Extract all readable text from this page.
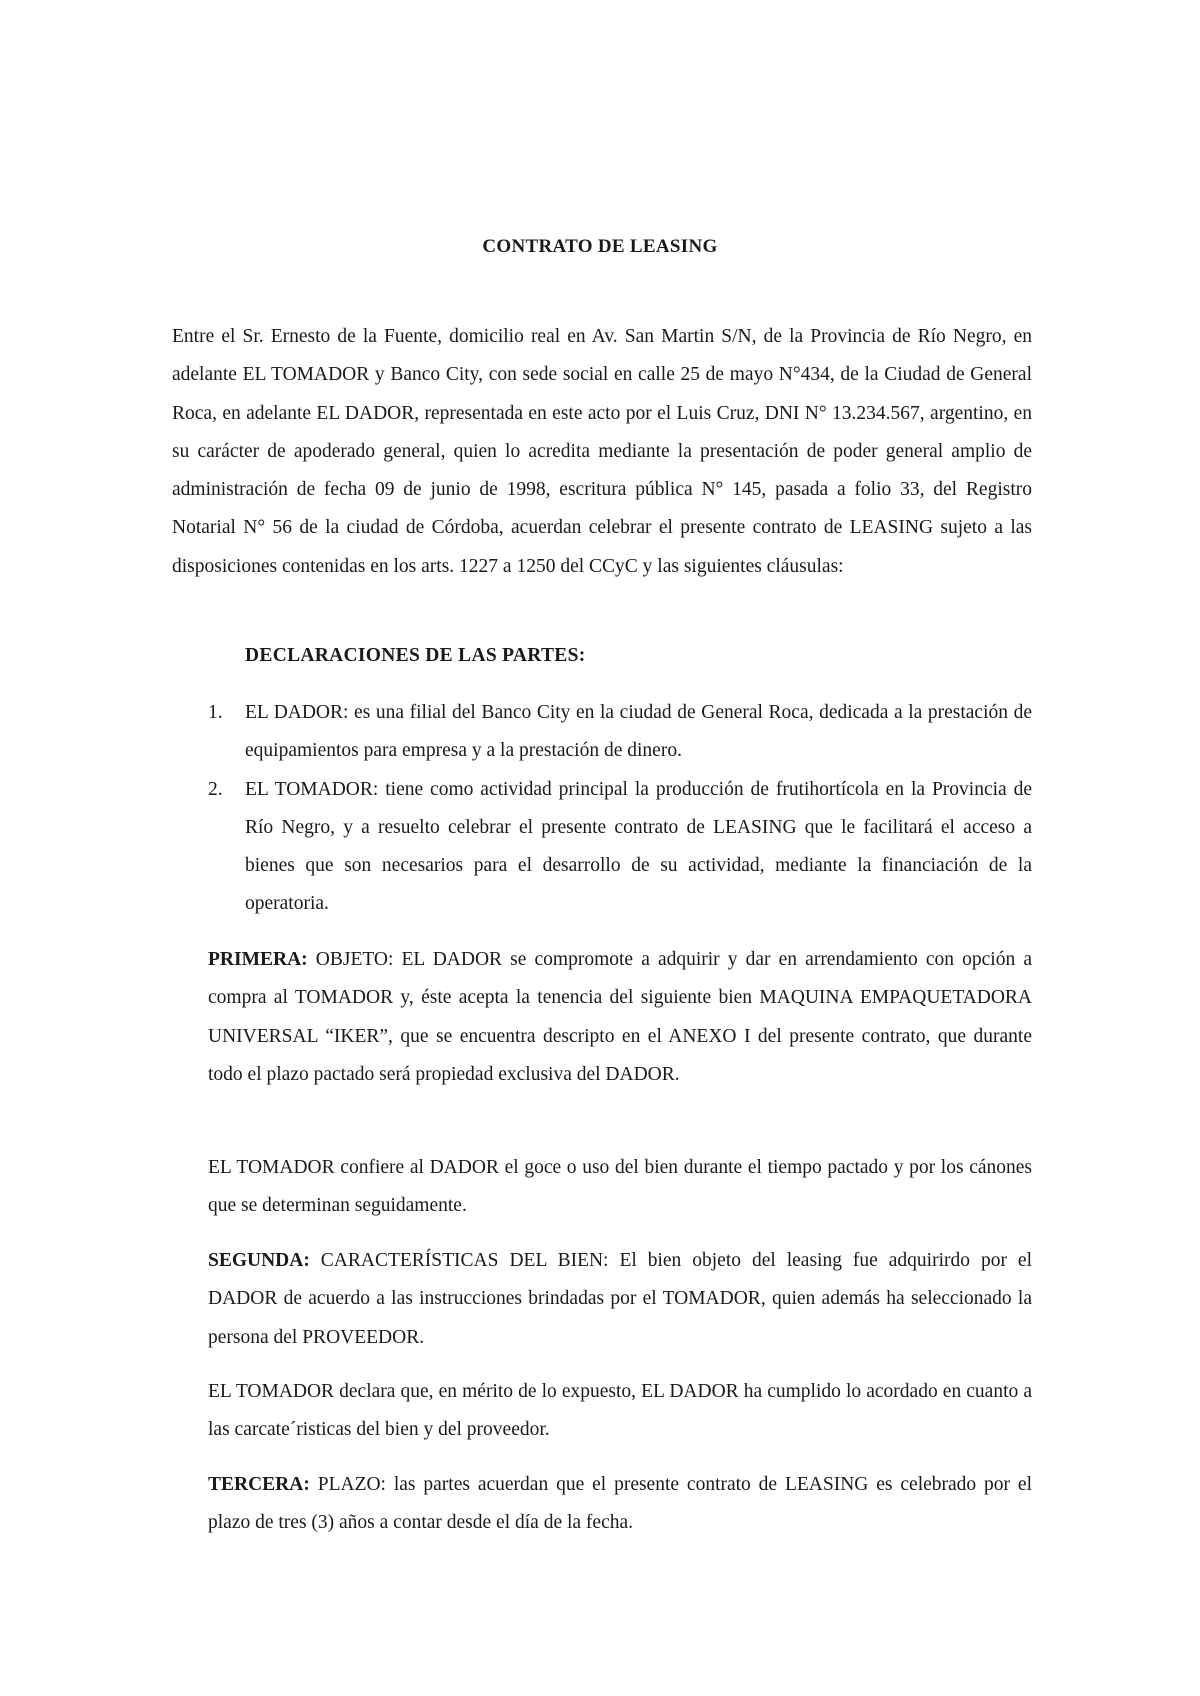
CONTRATO DE LEASING

Entre el Sr. Ernesto de la Fuente, domicilio real en Av. San Martin S/N, de la Provincia de Río Negro, en adelante EL TOMADOR y Banco City, con sede social en calle 25 de mayo N°434, de la Ciudad de General Roca, en adelante EL DADOR, representada en este acto por el Luis Cruz, DNI N° 13.234.567, argentino, en su carácter de apoderado general, quien lo acredita mediante la presentación de poder general amplio de administración de fecha 09 de junio de 1998, escritura pública N° 145, pasada a folio 33, del Registro Notarial N° 56 de la ciudad de Córdoba, acuerdan celebrar el presente contrato de LEASING sujeto a las disposiciones contenidas en los arts. 1227 a 1250 del CCyC y las siguientes cláusulas:

DECLARACIONES DE LAS PARTES:
1. EL DADOR: es una filial del Banco City en la ciudad de General Roca, dedicada a la prestación de equipamientos para empresa y a la prestación de dinero.
2. EL TOMADOR: tiene como actividad principal la producción de frutihortícola en la Provincia de Río Negro, y a resuelto celebrar el presente contrato de LEASING que le facilitará el acceso a bienes que son necesarios para el desarrollo de su actividad, mediante la financiación de la operatoria.

PRIMERA: OBJETO: EL DADOR se compromote a adquirir y dar en arrendamiento con opción a compra al TOMADOR y, éste acepta la tenencia del siguiente bien MAQUINA EMPAQUETADORA UNIVERSAL “IKER”, que se encuentra descripto en el ANEXO I del presente contrato, que durante todo el plazo pactado será propiedad exclusiva del DADOR.

EL TOMADOR confiere al DADOR el goce o uso del bien durante el tiempo pactado y por los cánones que se determinan seguidamente.

SEGUNDA: CARACTERÍSTICAS DEL BIEN: El bien objeto del leasing fue adquirirdo por el DADOR de acuerdo a las instrucciones brindadas por el TOMADOR, quien además ha seleccionado la persona del PROVEEDOR.

EL TOMADOR declara que, en mérito de lo expuesto, EL DADOR ha cumplido lo acordado en cuanto a las carcate´risticas del bien y del proveedor.

TERCERA: PLAZO: las partes acuerdan que el presente contrato de LEASING es celebrado por el plazo de tres (3) años a contar desde el día de la fecha.
